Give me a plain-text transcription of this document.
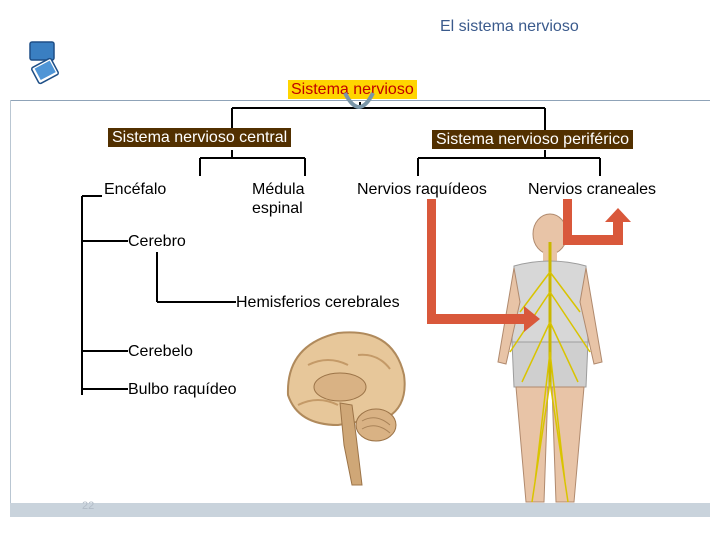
El sistema nervioso
22
Sistema nervioso
Sistema nervioso central	Sistema nervioso periférico
Encéfalo	Médula
espinal
Nervios raquídeos	Nervios craneales
Cerebro
Hemisferios cerebrales
Cerebelo
Bulbo raquídeo
